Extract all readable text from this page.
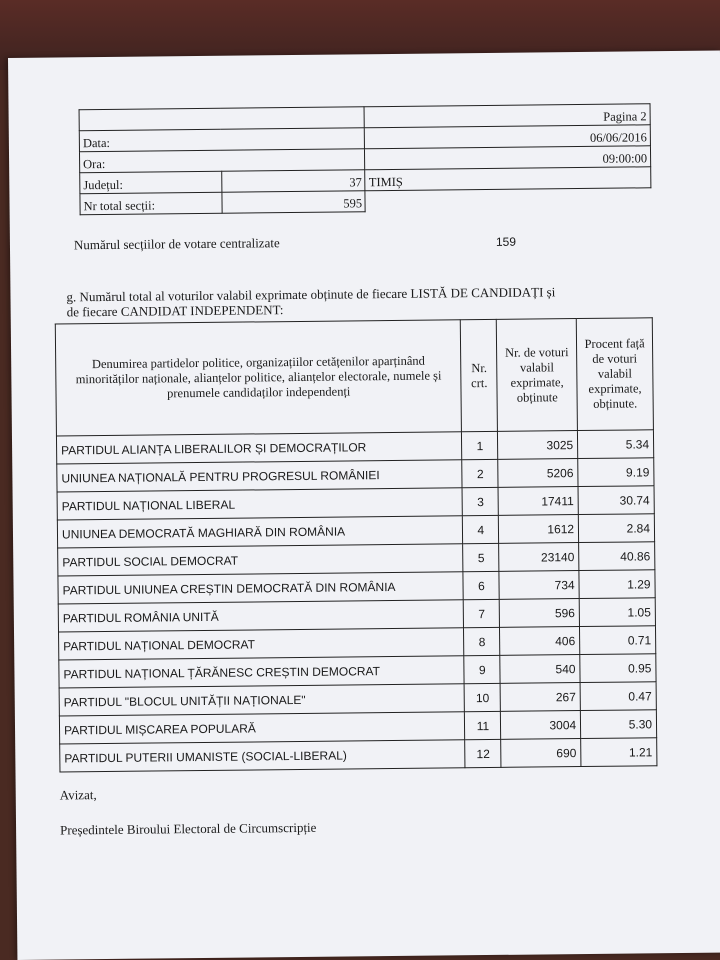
		Pagina 2
Data:		06/06/2016
Ora:		09:00:00
Județul:	37	TIMIȘ
Nr total secții:	595	
Numărul secțiilor de votare centralizate	159
g. Numărul total al voturilor valabil exprimate obținute de fiecare LISTĂ DE CANDIDAȚI și
de fiecare CANDIDAT INDEPENDENT:
Denumirea partidelor politice, organizațiilor cetățenilor aparținând minorităților naționale, alianțelor politice, alianțelor electorale, numele și prenumele candidaților independenți	Nr. crt.	Nr. de voturi valabil exprimate, obținute	Procent față de voturi valabil exprimate, obținute.
PARTIDUL ALIANȚA LIBERALILOR ȘI DEMOCRAȚILOR	1	3025	5.34
UNIUNEA NAȚIONALĂ PENTRU PROGRESUL ROMÂNIEI	2	5206	9.19
PARTIDUL NAȚIONAL LIBERAL	3	17411	30.74
UNIUNEA DEMOCRATĂ MAGHIARĂ DIN ROMÂNIA	4	1612	2.84
PARTIDUL SOCIAL DEMOCRAT	5	23140	40.86
PARTIDUL UNIUNEA CREȘTIN DEMOCRATĂ DIN ROMÂNIA	6	734	1.29
PARTIDUL ROMÂNIA UNITĂ	7	596	1.05
PARTIDUL NAȚIONAL DEMOCRAT	8	406	0.71
PARTIDUL NAȚIONAL ȚĂRĂNESC CREȘTIN DEMOCRAT	9	540	0.95
PARTIDUL "BLOCUL UNITĂȚII NAȚIONALE"	10	267	0.47
PARTIDUL MIȘCAREA POPULARĂ	11	3004	5.30
PARTIDUL PUTERII UMANISTE (SOCIAL-LIBERAL)	12	690	1.21
Avizat,
Președintele Biroului Electoral de Circumscripție
